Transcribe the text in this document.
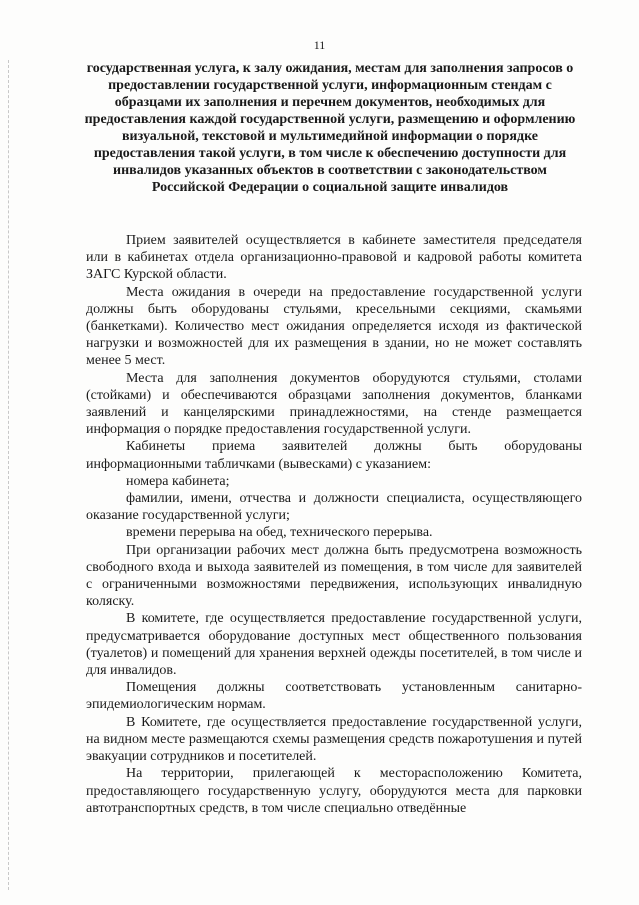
11
государственная услуга, к залу ожидания, местам для заполнения запросов о предоставлении государственной услуги, информационным стендам с образцами их заполнения и перечнем документов, необходимых для предоставления каждой государственной услуги, размещению и оформлению визуальной, текстовой и мультимедийной информации о порядке предоставления такой услуги, в том числе к обеспечению доступности для инвалидов указанных объектов в соответствии с законодательством Российской Федерации о социальной защите инвалидов

Прием заявителей осуществляется в кабинете заместителя председателя или в кабинетах отдела организационно-правовой и кадровой работы комитета ЗАГС Курской области.

Места ожидания в очереди на предоставление государственной услуги должны быть оборудованы стульями, кресельными секциями, скамьями (банкетками). Количество мест ожидания определяется исходя из фактической нагрузки и возможностей для их размещения в здании, но не может составлять менее 5 мест.

Места для заполнения документов оборудуются стульями, столами (стойками) и обеспечиваются образцами заполнения документов, бланками заявлений и канцелярскими принадлежностями, на стенде размещается информация о порядке предоставления государственной услуги.

Кабинеты приема заявителей должны быть оборудованы информационными табличками (вывесками) с указанием:

номера кабинета;

фамилии, имени, отчества и должности специалиста, осуществляющего оказание государственной услуги;

времени перерыва на обед, технического перерыва.

При организации рабочих мест должна быть предусмотрена возможность свободного входа и выхода заявителей из помещения, в том числе для заявителей с ограниченными возможностями передвижения, использующих инвалидную коляску.

В комитете, где осуществляется предоставление государственной услуги, предусматривается оборудование доступных мест общественного пользования (туалетов) и помещений для хранения верхней одежды посетителей, в том числе и для инвалидов.

Помещения должны соответствовать установленным санитарно-эпидемиологическим нормам.

В Комитете, где осуществляется предоставление государственной услуги, на видном месте размещаются схемы размещения средств пожаротушения и путей эвакуации сотрудников и посетителей.

На территории, прилегающей к месторасположению Комитета, предоставляющего государственную услугу, оборудуются места для парковки автотранспортных средств, в том числе специально отведённые
